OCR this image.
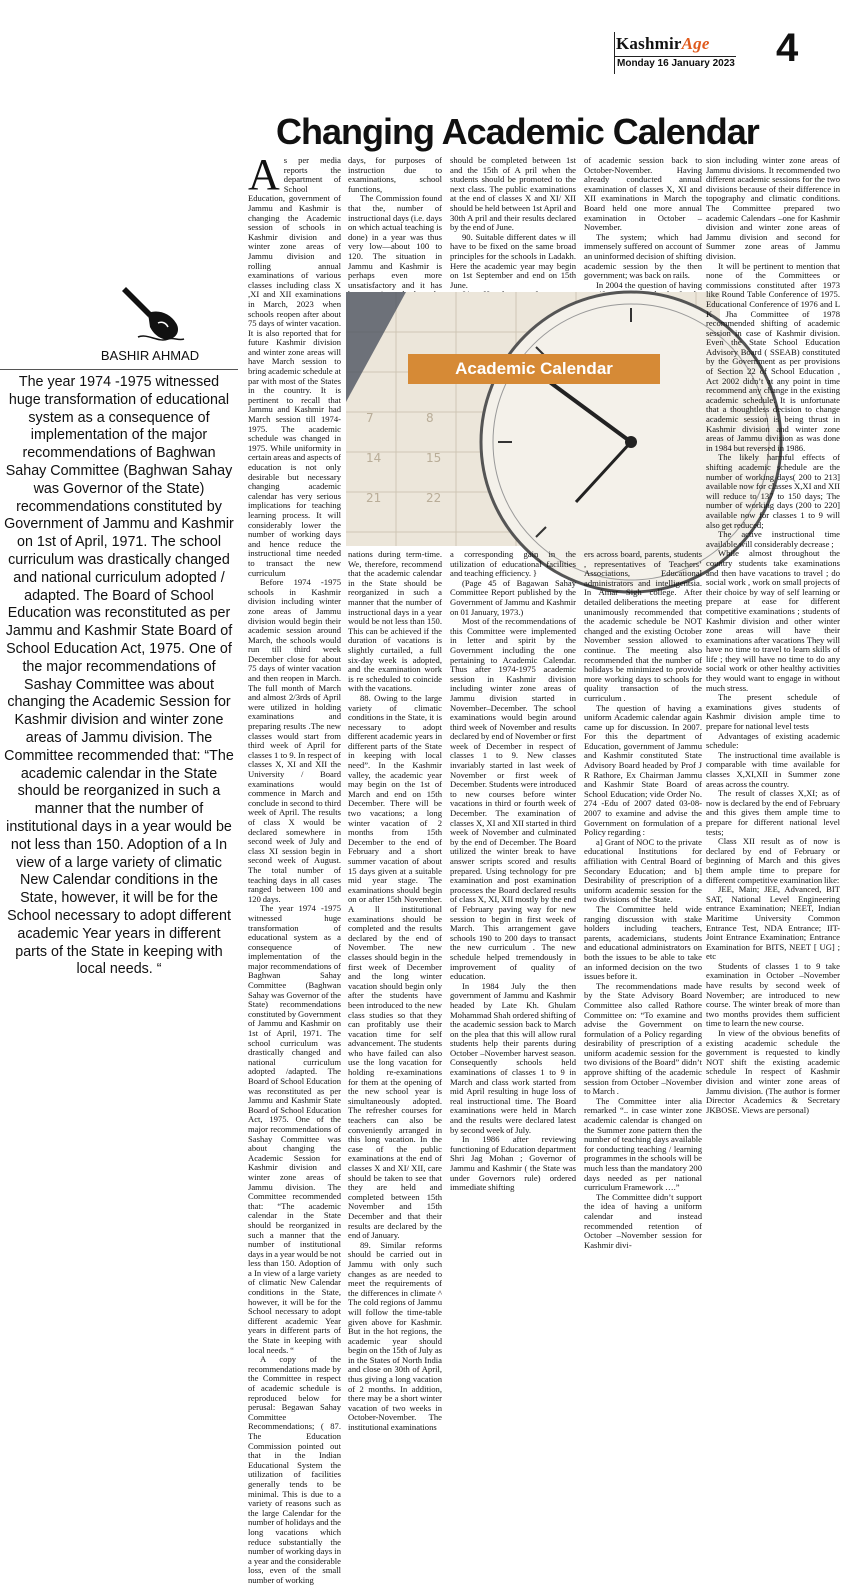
KashmirAge
Monday 16 January 2023 4
Changing Academic Calendar
BASHIR AHMAD
The year 1974 -1975 witnessed huge transformation of educational system as a consequence of implementation of the major recommendations of Baghwan Sahay Committee (Baghwan Sahay was Governor of the State) recommendations constituted by Government of Jammu and Kashmir on 1st of April, 1971. The school curriculum was drastically changed and national curriculum adopted / adapted. The Board of School Education was reconstituted as per Jammu and Kashmir State Board of School Education Act, 1975. One of the major recommendations of Sashay Committee was about changing the Academic Session for Kashmir division and winter zone areas of Jammu division. The Committee recommended that: “The academic calendar in the State should be reorganized in such a manner that the number of institutional days in a year would be not less than 150. Adoption of a In view of a large variety of climatic New Calendar conditions in the State, however, it will be for the School necessary to adopt different academic Year years in different parts of the State in keeping with local needs. “
A s per media reports the department of School Education, government of Jammu and Kashmir is changing the Academic session of schools in Kashmir division and winter zone areas of Jammu division and rolling annual examinations of various classes including class X ,XI and XII examinations in March, 2023 when schools reopen after about 75 days of winter vacation. It is also reported that for future Kashmir division and winter zone areas will have March session to bring academic schedule at par with most of the States in the country. It is pertinent to recall that Jammu and Kashmir had March session till 1974-1975. The academic schedule was changed in 1975. While uniformity in certain areas and aspects of education is not only desirable but necessary changing academic calendar has very serious implications for teaching learning process. It will considerably lower the number of working days and hence reduce the instructional time needed to transact the new curriculum

Before 1974 -1975 schools in Kashmir division including winter zone areas of Jammu division would begin their academic session around March, the schools would run till third week December close for about 75 days of winter vacation and then reopen in March. The full month of March and almost 2/3rds of April were utilized in holding examinations and preparing results .The new classes would start from third week of April for classes 1 to 9. In respect of classes X, XI and XII the University / Board examinations would commence in March and conclude in second to third week of April. The results of class X would be declared somewhere in second week of July and class XI session begin in second week of August. The total number of teaching days in all cases ranged between 100 and 120 days.

The year 1974 -1975 witnessed huge transformation of educational system as a consequence of implementation of the major recommendations of Baghwan Sahay Committee (Baghwan Sahay was Governor of the State) recommendations constituted by Government of Jammu and Kashmir on 1st of April, 1971. The school curriculum was drastically changed and national curriculum adopted /adapted. The Board of School Education was reconstituted as per Jammu and Kashmir State Board of School Education Act, 1975. One of the major recommendations of Sashay Committee was about changing the Academic Session for Kashmir division and winter zone areas of Jammu division. The Committee recommended that: “The academic calendar in the State should be reorganized in such a manner that the number of institutional days in a year would be not less than 150. Adoption of a In view of a large variety of climatic New Calendar conditions in the State, however, it will be for the School necessary to adopt different academic Year years in different parts of the State in keeping with local needs. “

A copy of the recommendations made by the Committee in respect of academic schedule is reproduced below for perusal: Begawan Sahay Committee Recommendations; ( 87. The Education Commission pointed out that in the Indian Educational System the utilization of facilities generally tends to be minimal. This is due to a variety of reasons such as the large Calendar for the number of holidays and the long vacations which reduce substantially the number of working days in a year and the considerable loss, even of the small number of working

days, for purposes of instruction due to examinations, school functions,

The Commission found that the, number of instructional days (i.e. days on which actual teaching is done) in a year was thus very low—about 100 to 120. The situation in Jammu and Kashmir is perhaps even more unsatisfactory and it has

should be completed between 1st and the 15th of A pril when the students should be promoted to the next class. The public examinations at the end of classes X and XI/ XII should be held between 1st April and 30th A pril and their results declared by the end of June.

90. Suitable different dates w ill have to be fixed on the same broad principles for the schools in Ladakh. Here the academic year may begin on 1st September and end on 15th June.

of academic session back to October-November. Having already conducted annual examination of classes X, XI and XII examinations in March the Board held one more annual examination in October –November.

The system; which had immensely suffered on account of an uninformed decision of shifting academic session by the then government; was back on rails.

In 2004 the question of having

7	8
14	15
21	22
Academic Calendar

nations during term-time. We, therefore, recommend that the academic calendar in the State should be reorganized in such a manner that the number of instructional days in a year would be not less than 150. This can be achieved if the duration of vacations is slightly curtailed, a full six-day week is adopted, and the examination work is re scheduled to coincide with the vacations.

88. Owing to the large variety of climatic conditions in the State, it is necessary to adopt different academic years in different parts of the State in keeping with local need”. In the Kashmir valley, the academic year may begin on the 1st of March and end on 15th December. There will be two vacations; a long winter vacation of 2 months from 15th December to the end of February and a short summer vacation of about 15 days given at a suitable mid year stage. The examinations should begin on or after 15th November. A ll institutional examinations should be completed and the results declared by the end of November. The new classes should begin in the first week of December and the long winter vacation should begin only after the students have been introduced to the new class studies so that they can profitably use their vacation time for self advancement. The students who have failed can also use the long vacation for holding re-examinations for them at the opening of the new school year is simultaneously adopted. The refresher courses for teachers can also be conveniently arranged in this long vacation. In the case of the public examinations at the end of classes X and XI/ XII, care should be taken to see that they are held and completed between 15th November and 15th December and that their results are declared by the end of January.

89. Similar reforms should be carried out in Jammu with only such changes as are needed to meet the requirements of the differences in climate ^ The cold regions of Jammu will follow the time-table given above for Kashmir. But in the hot regions, the academic year should begin on the 15th of July as in the States of North India and close on 30th of April, thus giving a long vacation of 2 months. In addition, there may be a short winter vacation of two weeks in October-November. The institutional examinations

a corresponding gain in the utilization of educational facilities and teaching efficiency. }

(Page 45 of Bagawan Sahay Committee Report published by the Government of Jammu and Kashmir on 01 January, 1973.)

Most of the recommendations of this Committee were implemented in letter and spirit by the Government including the one pertaining to Academic Calendar. Thus after 1974-1975 academic session in Kashmir division including winter zone areas of Jammu division started in November–December. The school examinations would begin around third week of November and results declared by end of November or first week of December in respect of classes 1 to 9. New classes invariably started in last week of November or first week of December. Students were introduced to new courses before winter vacations in third or fourth week of December. The examination of classes X, XI and XII started in third week of November and culminated by the end of December. The Board utilized the winter break to have answer scripts scored and results prepared. Using technology for pre examination and post examination processes the Board declared results of class X, XI, XII mostly by the end of February paving way for new session to begin in first week of March. This arrangement gave schools 190 to 200 days to transact the new curriculum . The new schedule helped tremendously in improvement of quality of education.

In 1984 July the then government of Jammu and Kashmir headed by Late Kh. Ghulam Mohammad Shah ordered shifting of the academic session back to March on the plea that this will allow rural students help their parents during October –November harvest season. Consequently schools held examinations of classes 1 to 9 in March and class work started from mid April resulting in huge loss of real instructional time. The Board examinations were held in March and the results were declared latest by second week of July.

In 1986 after reviewing functioning of Education department Shri Jag Mohan ; Governor of Jammu and Kashmir ( the State was under Governors rule) ordered immediate shifting

ers across board, parents, students , representatives of Teachers’ Associations, Educational administrators and intelligentsia. In Amar Sigh college. After detailed deliberations the meeting unanimously recommended that the academic schedule be NOT changed and the existing October November session allowed to continue. The meeting also recommended that the number of holidays be minimized to provide more working days to schools for quality transaction of the curriculum .

The question of having a uniform Academic calendar again came up for discussion. In 2007. For this the department of Education, government of Jammu and Kashmir constituted State Advisory Board headed by Prof J R Rathore, Ex Chairman Jammu and Kashmir State Board of School Education; vide Order No. 274 -Edu of 2007 dated 03-08-2007 to examine and advise the Government on formulation of a Policy regarding :

a] Grant of NOC to the private educational Institutions for affiliation with Central Board of Secondary Education; and b] Desirability of prescription of a uniform academic session for the two divisions of the State.

The Committee held wide ranging discussion with stake holders including teachers, parents, academicians, students and educational administrators on both the issues to be able to take an informed decision on the two issues before it.

The recommendations made by the State Advisory Board Committee also called Rathore Committee on: “To examine and advise the Government on formulation of a Policy regarding desirability of prescription of a uniform academic session for the two divisions of the Board” didn’t approve shifting of the academic session from October –November to March .

The Committee inter alia remarked “.. in case winter zone academic calendar is changed on the Summer zone pattern then the number of teaching days available for conducting teaching / learning programmes in the schools will be much less than the mandatory 200 days needed as per national curriculum Framework ….”

The Committee didn’t support the idea of having a uniform calendar and instead recommended retention of October –November session for Kashmir divi-

sion including winter zone areas of Jammu divisions. It recommended two different academic sessions for the two divisions because of their difference in topography and climatic conditions. The Committee prepared two academic Calendars –one for Kashmir division and winter zone areas of Jammu division and second for Summer zone areas of Jammu division.

It will be pertinent to mention that none of the Committees or commissions constituted after 1973 like Round Table Conference of 1975. Educational Conference of 1976 and L K Jha Committee of 1978 recommended shifting of academic session in case of Kashmir division. Even the State School Education Advisory Board ( SSEAB) constituted by the Government as per provisions of Section 22 of School Education , Act 2002 didn’t at any point in time recommend any change in the existing academic schedule. It is unfortunate that a thoughtless decision to change academic session is being thrust in Kashmir division and winter zone areas of Jammu division as was done in 1984 but reversed in 1986.

The likely harmful effects of shifting academic schedule are the number of working days( 200 to 213] available now for classes X,XI and XII will reduce to 137 to 150 days; The number of working days (200 to 220] available now for classes 1 to 9 will also get reduced;

The active instructional time available will considerably decrease ;

While almost throughout the country students take examinations and then have vacations to travel ; do social work , work on small projects of their choice by way of self learning or prepare at ease for different competitive examinations ; students of Kashmir division and other winter zone areas will have their examinations after vacations They will have no time to travel to learn skills of life ; they will have no time to do any social work or other healthy activities they would want to engage in without much stress.

The present schedule of examinations gives students of Kashmir division ample time to prepare for national level tests

Advantages of existing academic schedule:

The instructional time available is comparable with time available for classes X,XI,XII in Summer zone areas across the country.

The result of classes X,XI; as of now is declared by the end of February and this gives them ample time to prepare for different national level tests;

Class XII result as of now is declared by end of February or beginning of March and this gives them ample time to prepare for different competitive examination like:

JEE, Main; JEE, Advanced, BIT SAT, National Level Engineering entrance Examination; NEET, Indian Maritime University Common Entrance Test, NDA Entrance; IIT-Joint Entrance Examination; Entrance Examination for BITS, NEET [ UG] ; etc

Students of classes 1 to 9 take examination in October –November have results by second week of November; are introduced to new course. The winter break of more than two months provides them sufficient time to learn the new course.

In view of the obvious benefits of existing academic schedule the government is requested to kindly NOT shift the existing academic schedule In respect of Kashmir division and winter zone areas of Jammu division. (The author is former Director Academics & Secretary JKBOSE. Views are personal)
